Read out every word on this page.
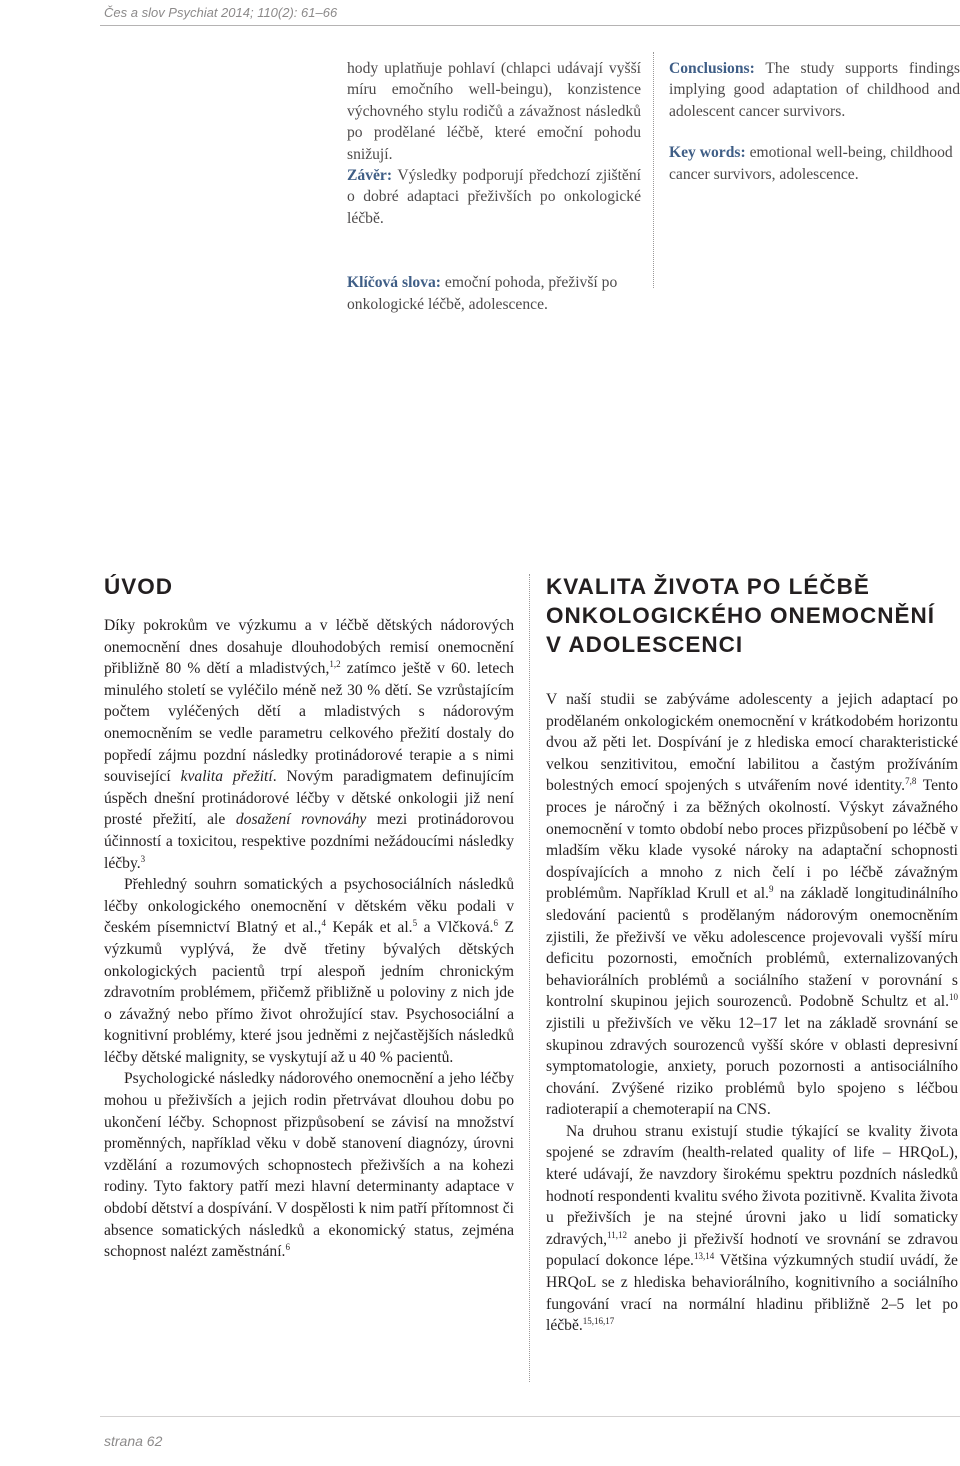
Čes a slov Psychiat 2014; 110(2): 61–66

hody uplatňuje pohlaví (chlapci udávají vyšší míru emočního well-beingu), konzistence výchovného stylu rodičů a závažnost následků po prodělané léčbě, které emoční pohodu snižují.

Závěr: Výsledky podporují předchozí zjištění o dobré adaptaci přeživších po onkologické léčbě.

Klíčová slova: emoční pohoda, přeživší po onkologické léčbě, adolescence.

Conclusions: The study supports findings implying good adaptation of childhood and adolescent cancer survivors.

Key words: emotional well-being, childhood cancer survivors, adolescence.

ÚVOD

Díky pokrokům ve výzkumu a v léčbě dětských nádorových onemocnění dnes dosahuje dlouhodobých remisí onemocnění přibližně 80 % dětí a mladistvých,$^{1,2}$ zatímco ještě v 60. letech minulého století se vyléčilo méně než 30 % dětí. Se vzrůstajícím počtem vyléčených dětí a mladistvých s nádorovým onemocněním se vedle parametru celkového přežití dostaly do popředí zájmu pozdní následky protinádorové terapie a s nimi související kvalita přežití. Novým paradigmatem definujícím úspěch dnešní protinádorové léčby v dětské onkologii již není prosté přežití, ale dosažení rovnováhy mezi protinádorovou účinností a toxicitou, respektive pozdními nežádoucími následky léčby.$^3$

Přehledný souhrn somatických a psychosociálních následků léčby onkologického onemocnění v dětském věku podali v českém písemnictví Blatný et al.,$^4$ Kepák et al.$^5$ a Vlčková.$^6$ Z výzkumů vyplývá, že dvě třetiny bývalých dětských onkologických pacientů trpí alespoň jedním chronickým zdravotním problémem, přičemž přibližně u poloviny z nich jde o závažný nebo přímo život ohrožující stav. Psychosociální a kognitivní problémy, které jsou jedněmi z nejčastějších následků léčby dětské malignity, se vyskytují až u 40 % pacientů.

Psychologické následky nádorového onemocnění a jeho léčby mohou u přeživších a jejich rodin přetrvávat dlouhou dobu po ukončení léčby. Schopnost přizpůsobení se závisí na množství proměnných, například věku v době stanovení diagnózy, úrovni vzdělání a rozumových schopnostech přeživších a na kohezi rodiny. Tyto faktory patří mezi hlavní determinanty adaptace v období dětství a dospívání. V dospělosti k nim patří přítomnost či absence somatických následků a ekonomický status, zejména schopnost nalézt zaměstnání.$^6$

KVALITA ŽIVOTA PO LÉČBĚ ONKOLOGICKÉHO ONEMOCNĚNÍ V ADOLESCENCI

V naší studii se zabýváme adolescenty a jejich adaptací po prodělaném onkologickém onemocnění v krátkodobém horizontu dvou až pěti let. Dospívání je z hlediska emocí charakteristické velkou senzitivitou, emoční labilitou a častým prožíváním bolestných emocí spojených s utvářením nové identity.$^{7,8}$ Tento proces je náročný i za běžných okolností. Výskyt závažného onemocnění v tomto období nebo proces přizpůsobení po léčbě v mladším věku klade vysoké nároky na adaptační schopnosti dospívajících a mnoho z nich čelí i po léčbě závažným problémům. Například Krull et al.$^9$ na základě longitudinálního sledování pacientů s prodělaným nádorovým onemocněním zjistili, že přeživší ve věku adolescence projevovali vyšší míru deficitu pozornosti, emočních problémů, externalizovaných behaviorálních problémů a sociálního stažení v porovnání s kontrolní skupinou jejich sourozenců. Podobně Schultz et al.$^{10}$ zjistili u přeživších ve věku 12–17 let na základě srovnání se skupinou zdravých sourozenců vyšší skóre v oblasti depresivní symptomatologie, anxiety, poruch pozornosti a antisociálního chování. Zvýšené riziko problémů bylo spojeno s léčbou radioterapií a chemoterapií na CNS.

Na druhou stranu existují studie týkající se kvality života spojené se zdravím (health-related quality of life – HRQoL), které udávají, že navzdory širokému spektru pozdních následků hodnotí respondenti kvalitu svého života pozitivně. Kvalita života u přeživších je na stejné úrovni jako u lidí somaticky zdravých,$^{11,12}$ anebo ji přeživší hodnotí ve srovnání se zdravou populací dokonce lépe.$^{13,14}$ Většina výzkumných studií uvádí, že HRQoL se z hlediska behaviorálního, kognitivního a sociálního fungování vrací na normální hladinu přibližně 2–5 let po léčbě.$^{15,16,17}$

strana 62
